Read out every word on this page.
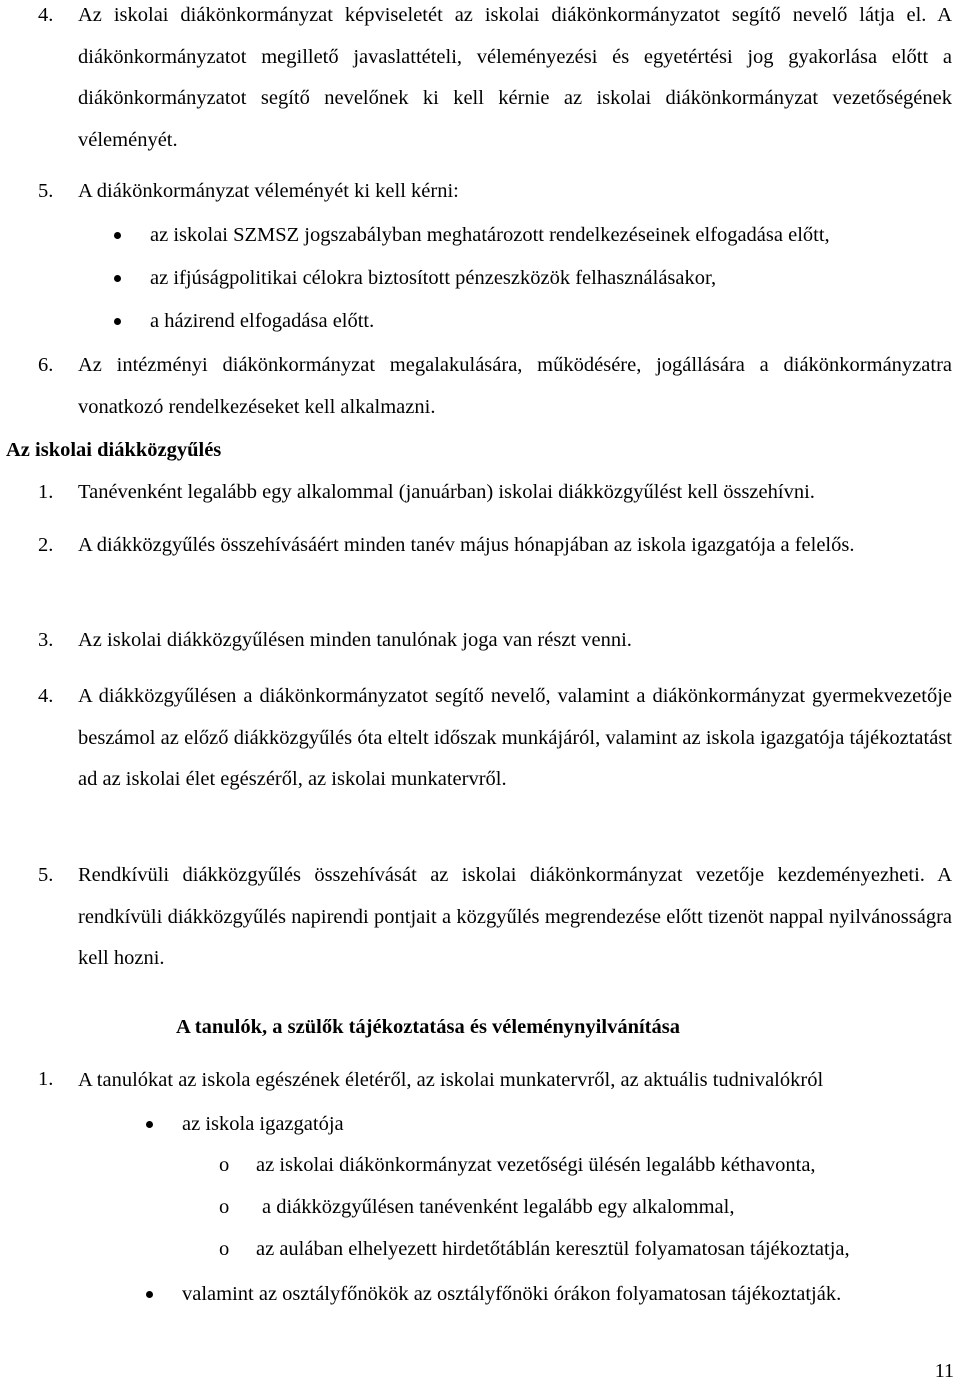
4. Az iskolai diákönkormányzat képviseletét az iskolai diákönkormányzatot segítő nevelő látja el. A diákönkormányzatot megillető javaslattételi, véleményezési és egyetértési jog gyakorlása előtt a diákönkormányzatot segítő nevelőnek ki kell kérnie az iskolai diákönkormányzat vezetőségének véleményét.
5. A diákönkormányzat véleményét ki kell kérni:
az iskolai SZMSZ jogszabályban meghatározott rendelkezéseinek elfogadása előtt,
az ifjúságpolitikai célokra biztosított pénzeszközök felhasználásakor,
a házirend elfogadása előtt.
6. Az intézményi diákönkormányzat megalakulására, működésére, jogállására a diákönkormányzatra vonatkozó rendelkezéseket kell alkalmazni.
Az iskolai diákközgyűlés
1. Tanévenként legalább egy alkalommal (januárban) iskolai diákközgyűlést kell összehívni.
2. A diákközgyűlés összehívásáért minden tanév május hónapjában az iskola igazgatója a felelős.
3. Az iskolai diákközgyűlésen minden tanulónak joga van részt venni.
4. A diákközgyűlésen a diákönkormányzatot segítő nevelő, valamint a diákönkormányzat gyermekvezetője beszámol az előző diákközgyűlés óta eltelt időszak munkájáról, valamint az iskola igazgatója tájékoztatást ad az iskolai élet egészéről, az iskolai munkatervről.
5. Rendkívüli diákközgyűlés összehívását az iskolai diákönkormányzat vezetője kezdeményezheti. A rendkívüli diákközgyűlés napirendi pontjait a közgyűlés megrendezése előtt tizenöt nappal nyilvánosságra kell hozni.
A tanulók, a szülők tájékoztatása és véleménynyilvánítása
1. A tanulókat az iskola egészének életéről, az iskolai munkatervről, az aktuális tudnivalókról
az iskola igazgatója
o az iskolai diákönkormányzat vezetőségi ülésén legalább kéthavonta,
o a diákközgyűlésen tanévenként legalább egy alkalommal,
o az aulában elhelyezett hirdetőtáblán keresztül folyamatosan tájékoztatja,
valamint az osztályfőnökök az osztályfőnöki órákon folyamatosan tájékoztatják.
11
